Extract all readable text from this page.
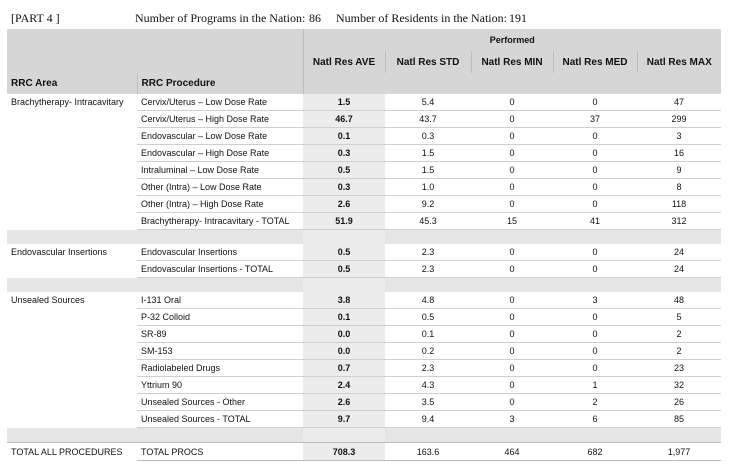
[PART 4 ]	Number of Programs in the Nation: 86 Number of Residents in the Nation: 191
		Performed				
		Natl Res AVE	Natl Res STD	Natl Res MIN	Natl Res MED	Natl Res MAX
RRC Area	RRC Procedure					
Brachytherapy- Intracavitary	Cervix/Uterus – Low Dose Rate	1.5	5.4	0	0	47
	Cervix/Uterus – High Dose Rate	46.7	43.7	0	37	299
	Endovascular – Low Dose Rate	0.1	0.3	0	0	3
	Endovascular – High Dose Rate	0.3	1.5	0	0	16
	Intraluminal – Low Dose Rate	0.5	1.5	0	0	9
	Other (Intra) – Low Dose Rate	0.3	1.0	0	0	8
	Other (Intra) – High Dose Rate	2.6	9.2	0	0	118
	Brachytherapy- Intracavitary - TOTAL	51.9	45.3	15	41	312

Endovascular Insertions	Endovascular Insertions	0.5	2.3	0	0	24
	Endovascular Insertions - TOTAL	0.5	2.3	0	0	24

Unsealed Sources	I-131 Oral	3.8	4.8	0	3	48
	P-32 Colloid	0.1	0.5	0	0	5
	SR-89	0.0	0.1	0	0	2
	SM-153	0.0	0.2	0	0	2
	Radiolabeled Drugs	0.7	2.3	0	0	23
	Yttrium 90	2.4	4.3	0	1	32
	Unsealed Sources - Other	2.6	3.5	0	2	26
	Unsealed Sources - TOTAL	9.7	9.4	3	6	85

TOTAL ALL PROCEDURES	TOTAL PROCS	708.3	163.6	464	682	1,977
